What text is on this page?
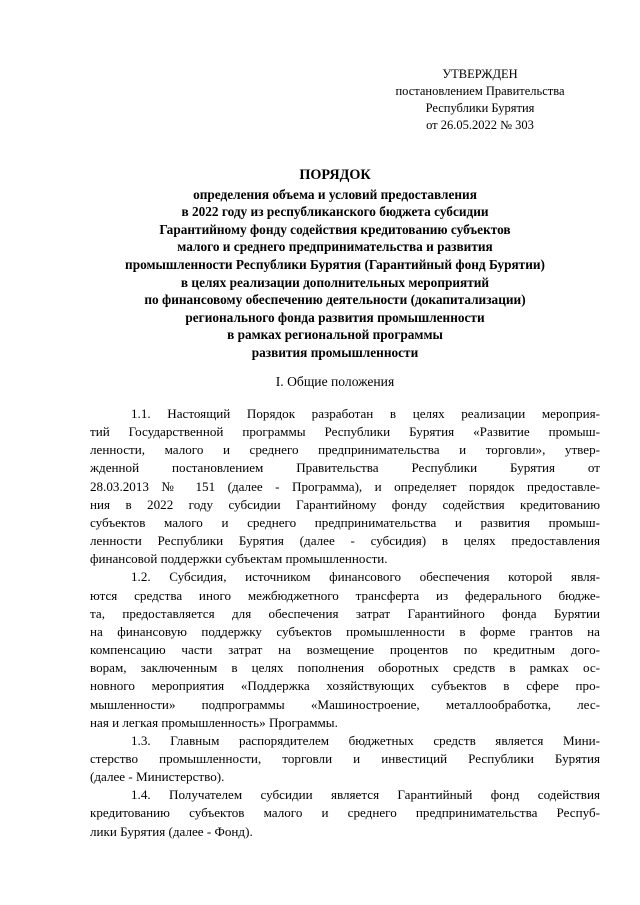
УТВЕРЖДЕН
постановлением Правительства
Республики Бурятия
от 26.05.2022 № 303
ПОРЯДОК
определения объема и условий предоставления
в 2022 году из республиканского бюджета субсидии
Гарантийному фонду содействия кредитованию субъектов
малого и среднего предпринимательства и развития
промышленности Республики Бурятия (Гарантийный фонд Бурятии)
в целях реализации дополнительных мероприятий
по финансовому обеспечению деятельности (докапитализации)
регионального фонда развития промышленности
в рамках региональной программы
развития промышленности
I. Общие положения
1.1. Настоящий Порядок разработан в целях реализации мероприя-
тий Государственной программы Республики Бурятия «Развитие промыш-
ленности, малого и среднего предпринимательства и торговли», утвер-
жденной постановлением Правительства Республики Бурятия от
28.03.2013 № 151 (далее - Программа), и определяет порядок предоставле-
ния в 2022 году субсидии Гарантийному фонду содействия кредитованию
субъектов малого и среднего предпринимательства и развития промыш-
ленности Республики Бурятия (далее - субсидия) в целях предоставления
финансовой поддержки субъектам промышленности.
1.2. Субсидия, источником финансового обеспечения которой явля-
ются средства иного межбюджетного трансферта из федерального бюдже-
та, предоставляется для обеспечения затрат Гарантийного фонда Бурятии
на финансовую поддержку субъектов промышленности в форме грантов на
компенсацию части затрат на возмещение процентов по кредитным дого-
ворам, заключенным в целях пополнения оборотных средств в рамках ос-
новного мероприятия «Поддержка хозяйствующих субъектов в сфере про-
мышленности» подпрограммы «Машиностроение, металлообработка, лес-
ная и легкая промышленность» Программы.
1.3. Главным распорядителем бюджетных средств является Мини-
стерство промышленности, торговли и инвестиций Республики Бурятия
(далее - Министерство).
1.4. Получателем субсидии является Гарантийный фонд содействия
кредитованию субъектов малого и среднего предпринимательства Респуб-
лики Бурятия (далее - Фонд).
